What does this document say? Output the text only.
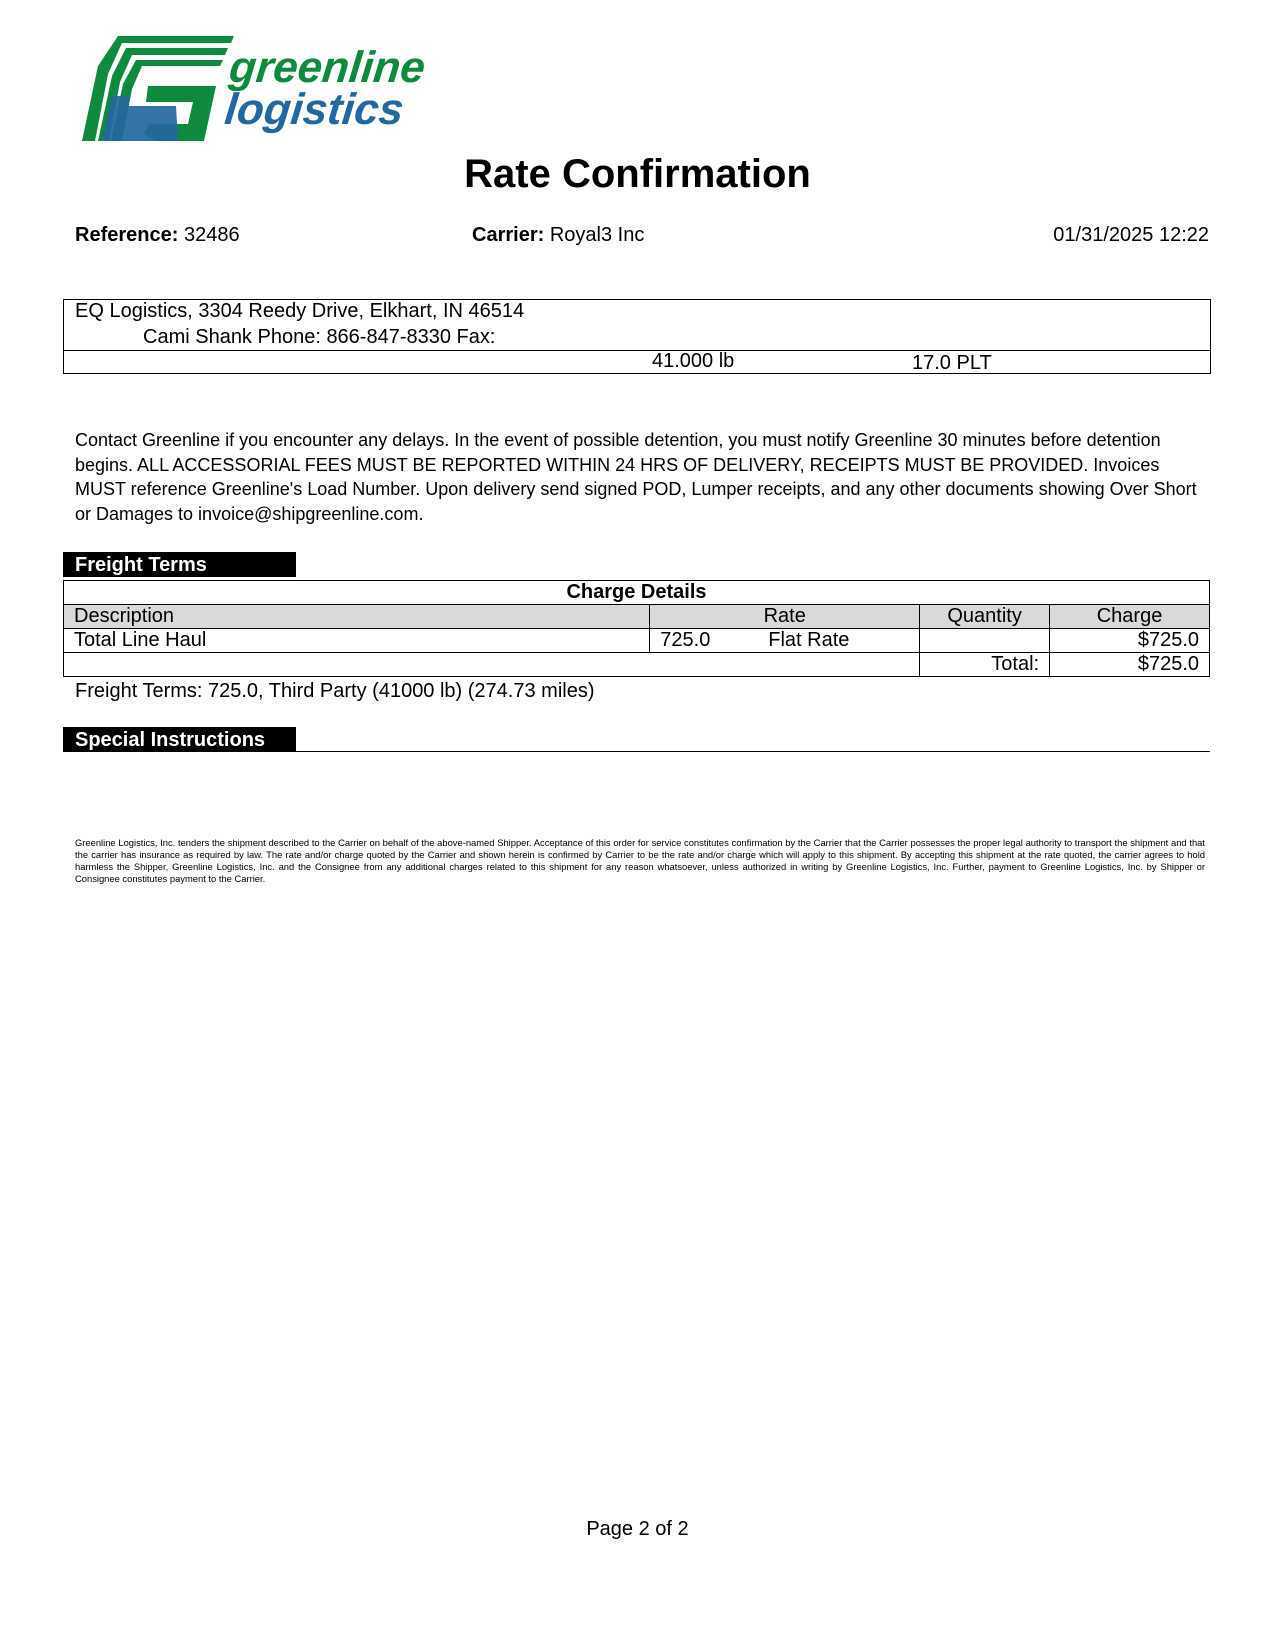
greenline
logistics
Rate Confirmation
Reference: 32486	Carrier: Royal3 Inc	01/31/2025 12:22
EQ Logistics, 3304 Reedy Drive, Elkhart, IN 46514
Cami Shank Phone: 866-847-8330 Fax:
41.000 lb	17.0 PLT
Contact Greenline if you encounter any delays. In the event of possible detention, you must notify Greenline 30 minutes before detention begins. ALL ACCESSORIAL FEES MUST BE REPORTED WITHIN 24 HRS OF DELIVERY, RECEIPTS MUST BE PROVIDED. Invoices MUST reference Greenline's Load Number. Upon delivery send signed POD, Lumper receipts, and any other documents showing Over Short or Damages to invoice@shipgreenline.com.
Freight Terms
Charge Details			
Description	Rate	Quantity	Charge
Total Line Haul	725.0 Flat Rate		$725.0
		Total:	$725.0
Freight Terms: 725.0, Third Party (41000 lb) (274.73 miles)
Special Instructions
Greenline Logistics, Inc. tenders the shipment described to the Carrier on behalf of the above-named Shipper. Acceptance of this order for service constitutes confirmation by the Carrier that the Carrier possesses the proper legal authority to transport the shipment and that the carrier has insurance as required by law. The rate and/or charge quoted by the Carrier and shown herein is confirmed by Carrier to be the rate and/or charge which will apply to this shipment. By accepting this shipment at the rate quoted, the carrier agrees to hold harmless the Shipper, Greenline Logistics, Inc. and the Consignee from any additional charges related to this shipment for any reason whatsoever, unless authorized in writing by Greenline Logistics, Inc. Further, payment to Greenline Logistics, Inc. by Shipper or Consignee constitutes payment to the Carrier.
Page 2 of 2
